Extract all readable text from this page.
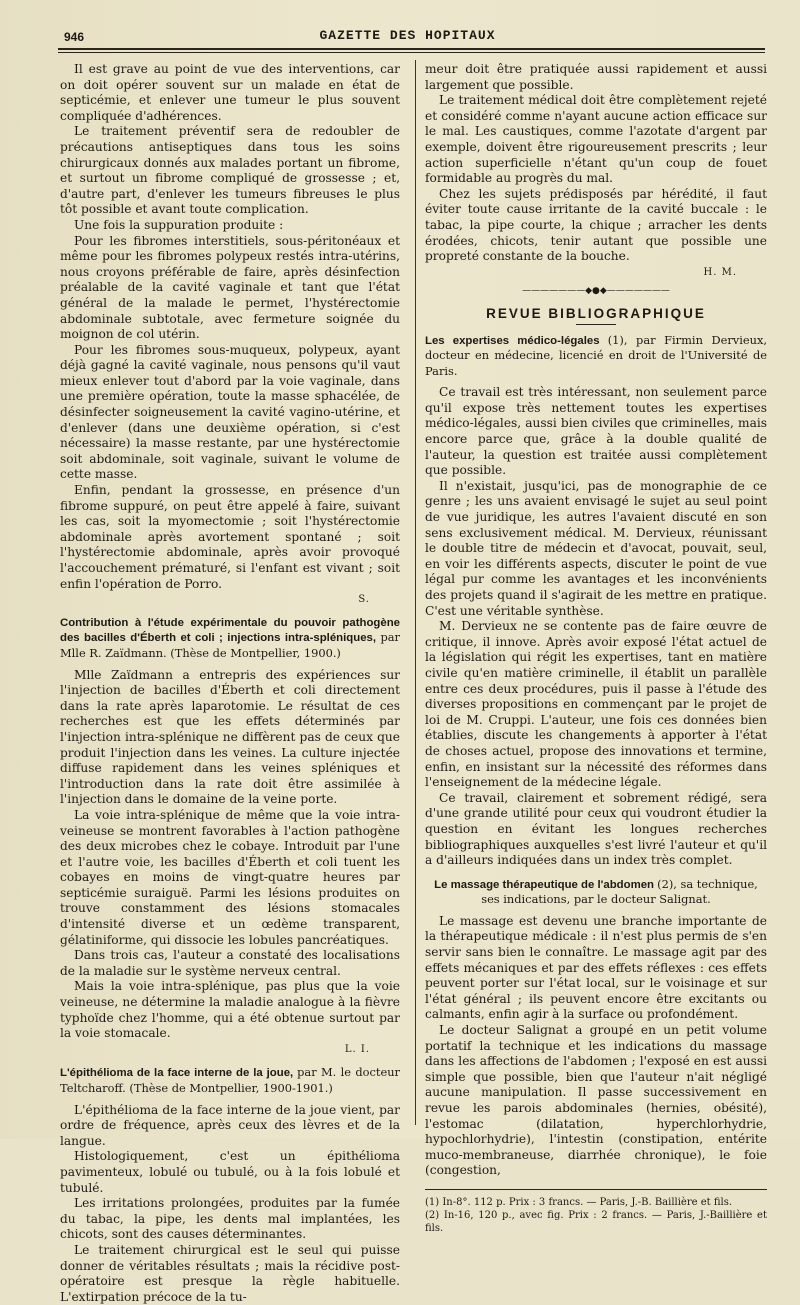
946	GAZETTE DES HOPITAUX

Il est grave au point de vue des interventions, car on doit opérer souvent sur un malade en état de septicémie, et enlever une tumeur le plus souvent compliquée d'adhérences.

Le traitement préventif sera de redoubler de précautions antiseptiques dans tous les soins chirurgicaux donnés aux malades portant un fibrome, et surtout un fibrome compliqué de grossesse ; et, d'autre part, d'enlever les tumeurs fibreuses le plus tôt possible et avant toute complication.

Une fois la suppuration produite :

Pour les fibromes interstitiels, sous-péritonéaux et même pour les fibromes polypeux restés intra-utérins, nous croyons préférable de faire, après désinfection préalable de la cavité vaginale et tant que l'état général de la malade le permet, l'hystérectomie abdominale subtotale, avec fermeture soignée du moignon de col utérin.

Pour les fibromes sous-muqueux, polypeux, ayant déjà gagné la cavité vaginale, nous pensons qu'il vaut mieux enlever tout d'abord par la voie vaginale, dans une première opération, toute la masse sphacélée, de désinfecter soigneusement la cavité vagino-utérine, et d'enlever (dans une deuxième opération, si c'est nécessaire) la masse restante, par une hystérectomie soit abdominale, soit vaginale, suivant le volume de cette masse.

Enfin, pendant la grossesse, en présence d'un fibrome suppuré, on peut être appelé à faire, suivant les cas, soit la myomectomie ; soit l'hystérectomie abdominale après avortement spontané ; soit l'hystérectomie abdominale, après avoir provoqué l'accouchement prématuré, si l'enfant est vivant ; soit enfin l'opération de Porro.

S.
Contribution à l'étude expérimentale du pouvoir pathogène des bacilles d'Éberth et coli ; injections intra-spléniques, par Mlle R. Zaïdmann. (Thèse de Montpellier, 1900.)

Mlle Zaïdmann a entrepris des expériences sur l'injection de bacilles d'Éberth et coli directement dans la rate après laparotomie. Le résultat de ces recherches est que les effets déterminés par l'injection intra-splénique ne diffèrent pas de ceux que produit l'injection dans les veines. La culture injectée diffuse rapidement dans les veines spléniques et l'introduction dans la rate doit être assimilée à l'injection dans le domaine de la veine porte.

La voie intra-splénique de même que la voie intra-veineuse se montrent favorables à l'action pathogène des deux microbes chez le cobaye. Introduit par l'une et l'autre voie, les bacilles d'Éberth et coli tuent les cobayes en moins de vingt-quatre heures par septicémie suraiguë. Parmi les lésions produites on trouve constamment des lésions stomacales d'intensité diverse et un œdème transparent, gélatiniforme, qui dissocie les lobules pancréatiques.

Dans trois cas, l'auteur a constaté des localisations de la maladie sur le système nerveux central.

Mais la voie intra-splénique, pas plus que la voie veineuse, ne détermine la maladie analogue à la fièvre typhoïde chez l'homme, qui a été obtenue surtout par la voie stomacale.

L. I.
L'épithélioma de la face interne de la joue, par M. le docteur Teltcharoff. (Thèse de Montpellier, 1900-1901.)

L'épithélioma de la face interne de la joue vient, par ordre de fréquence, après ceux des lèvres et de la langue.

Histologiquement, c'est un épithélioma pavimenteux, lobulé ou tubulé, ou à la fois lobulé et tubulé.

Les irritations prolongées, produites par la fumée du tabac, la pipe, les dents mal implantées, les chicots, sont des causes déterminantes.

Le traitement chirurgical est le seul qui puisse donner de véritables résultats ; mais la récidive post-opératoire est presque la règle habituelle. L'extirpation précoce de la tu-

meur doit être pratiquée aussi rapidement et aussi largement que possible.

Le traitement médical doit être complètement rejeté et considéré comme n'ayant aucune action efficace sur le mal. Les caustiques, comme l'azotate d'argent par exemple, doivent être rigoureusement prescrits ; leur action superficielle n'étant qu'un coup de fouet formidable au progrès du mal.

Chez les sujets prédisposés par hérédité, il faut éviter toute cause irritante de la cavité buccale : le tabac, la pipe courte, la chique ; arracher les dents érodées, chicots, tenir autant que possible une propreté constante de la bouche.

H. M.
———————◆●◆———————
REVUE BIBLIOGRAPHIQUE
Les expertises médico-légales (1), par Firmin Dervieux, docteur en médecine, licencié en droit de l'Université de Paris.

Ce travail est très intéressant, non seulement parce qu'il expose très nettement toutes les expertises médico-légales, aussi bien civiles que criminelles, mais encore parce que, grâce à la double qualité de l'auteur, la question est traitée aussi complètement que possible.

Il n'existait, jusqu'ici, pas de monographie de ce genre ; les uns avaient envisagé le sujet au seul point de vue juridique, les autres l'avaient discuté en son sens exclusivement médical. M. Dervieux, réunissant le double titre de médecin et d'avocat, pouvait, seul, en voir les différents aspects, discuter le point de vue légal pur comme les avantages et les inconvénients des projets quand il s'agirait de les mettre en pratique. C'est une véritable synthèse.

M. Dervieux ne se contente pas de faire œuvre de critique, il innove. Après avoir exposé l'état actuel de la législation qui régit les expertises, tant en matière civile qu'en matière criminelle, il établit un parallèle entre ces deux procédures, puis il passe à l'étude des diverses propositions en commençant par le projet de loi de M. Cruppi. L'auteur, une fois ces données bien établies, discute les changements à apporter à l'état de choses actuel, propose des innovations et termine, enfin, en insistant sur la nécessité des réformes dans l'enseignement de la médecine légale.

Ce travail, clairement et sobrement rédigé, sera d'une grande utilité pour ceux qui voudront étudier la question en évitant les longues recherches bibliographiques auxquelles s'est livré l'auteur et qu'il a d'ailleurs indiquées dans un index très complet.

Le massage thérapeutique de l'abdomen (2), sa technique, ses indications, par le docteur Salignat.

Le massage est devenu une branche importante de la thérapeutique médicale : il n'est plus permis de s'en servir sans bien le connaître. Le massage agit par des effets mécaniques et par des effets réflexes : ces effets peuvent porter sur l'état local, sur le voisinage et sur l'état général ; ils peuvent encore être excitants ou calmants, enfin agir à la surface ou profondément.

Le docteur Salignat a groupé en un petit volume portatif la technique et les indications du massage dans les affections de l'abdomen ; l'exposé en est aussi simple que possible, bien que l'auteur n'ait négligé aucune manipulation. Il passe successivement en revue les parois abdominales (hernies, obésité), l'estomac (dilatation, hyperchlorhydrie, hypochlorhydrie), l'intestin (constipation, entérite muco-membraneuse, diarrhée chronique), le foie (congestion,

(1) In-8°. 112 p. Prix : 3 francs. — Paris, J.-B. Baillière et fils.

(2) In-16, 120 p., avec fig. Prix : 2 francs. — Paris, J.-Baillière et fils.
